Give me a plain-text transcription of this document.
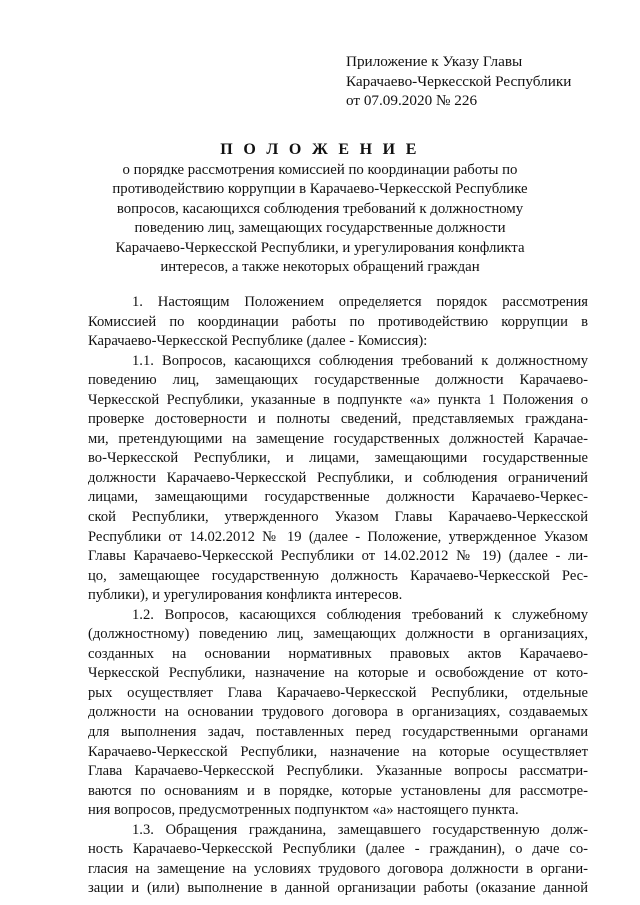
Приложение к Указу Главы
Карачаево-Черкесской Республики
от 07.09.2020 № 226
П О Л О Ж Е Н И Е
о порядке рассмотрения комиссией по координации работы по
противодействию коррупции в Карачаево-Черкесской Республике
вопросов, касающихся соблюдения требований к должностному
поведению лиц, замещающих государственные должности
Карачаево-Черкесской Республики, и урегулирования конфликта
интересов, а также некоторых обращений граждан
1. Настоящим Положением определяется порядок рассмотрения
Комиссией по координации работы по противодействию коррупции в
Карачаево-Черкесской Республике (далее - Комиссия):
1.1. Вопросов, касающихся соблюдения требований к должностному
поведению лиц, замещающих государственные должности Карачаево-
Черкесской Республики, указанные в подпункте «а» пункта 1 Положения о
проверке достоверности и полноты сведений, представляемых граждана-
ми, претендующими на замещение государственных должностей Карачае-
во-Черкесской Республики, и лицами, замещающими государственные
должности Карачаево-Черкесской Республики, и соблюдения ограничений
лицами, замещающими государственные должности Карачаево-Черкес-
ской Республики, утвержденного Указом Главы Карачаево-Черкесской
Республики от 14.02.2012 № 19 (далее - Положение, утвержденное Указом
Главы Карачаево-Черкесской Республики от 14.02.2012 № 19) (далее - ли-
цо, замещающее государственную должность Карачаево-Черкесской Рес-
публики), и урегулирования конфликта интересов.
1.2. Вопросов, касающихся соблюдения требований к служебному
(должностному) поведению лиц, замещающих должности в организациях,
созданных на основании нормативных правовых актов Карачаево-
Черкесской Республики, назначение на которые и освобождение от кото-
рых осуществляет Глава Карачаево-Черкесской Республики, отдельные
должности на основании трудового договора в организациях, создаваемых
для выполнения задач, поставленных перед государственными органами
Карачаево-Черкесской Республики, назначение на которые осуществляет
Глава Карачаево-Черкесской Республики. Указанные вопросы рассматри-
ваются по основаниям и в порядке, которые установлены для рассмотре-
ния вопросов, предусмотренных подпунктом «а» настоящего пункта.
1.3. Обращения гражданина, замещавшего государственную долж-
ность Карачаево-Черкесской Республики (далее - гражданин), о даче со-
гласия на замещение на условиях трудового договора должности в органи-
зации и (или) выполнение в данной организации работы (оказание данной
